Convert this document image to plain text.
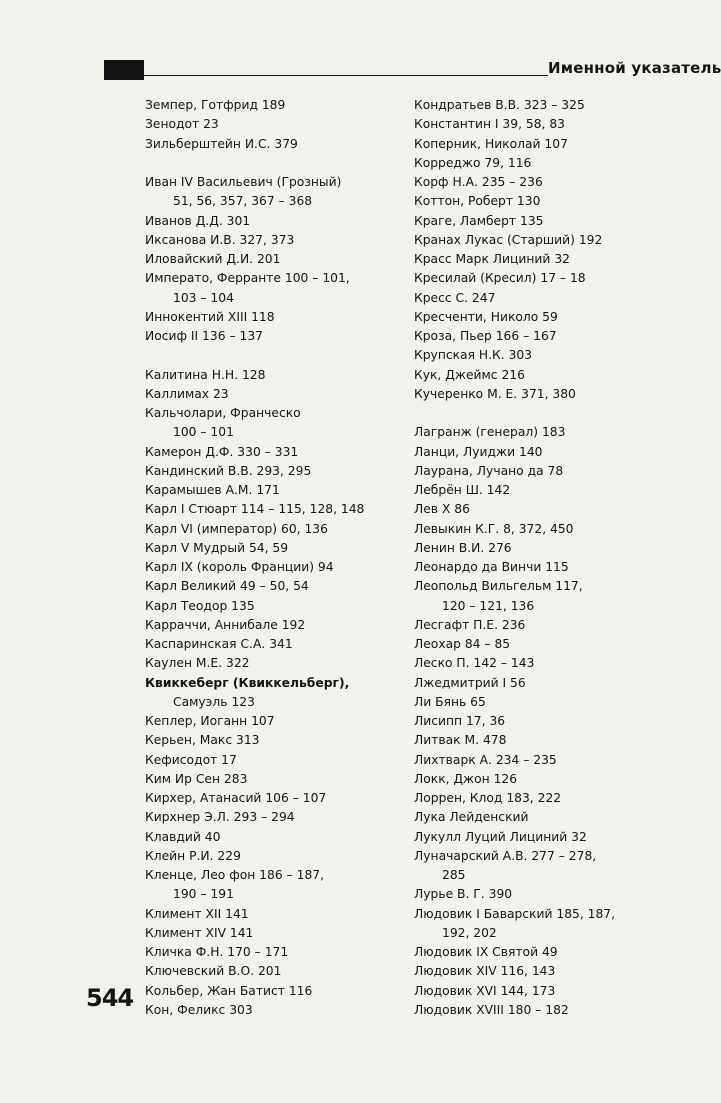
Именной указатель
Земпер, Готфрид 189
Зенодот 23
Зильберштейн И.С. 379
Иван IV Васильевич (Грозный)
51, 56, 357, 367 – 368
Иванов Д.Д. 301
Иксанова И.В. 327, 373
Иловайский Д.И. 201
Императо, Ферранте 100 – 101,
103 – 104
Иннокентий XIII 118
Иосиф II 136 – 137
Калитина Н.Н. 128
Каллимах 23
Кальчолари, Франческо
100 – 101
Камерон Д.Ф. 330 – 331
Кандинский В.В. 293, 295
Карамышев А.М. 171
Карл I Стюарт 114 – 115, 128, 148
Карл VI (император) 60, 136
Карл V Мудрый 54, 59
Карл IX (король Франции) 94
Карл Великий 49 – 50, 54
Карл Теодор 135
Карраччи, Аннибале 192
Каспаринская С.А. 341
Каулен М.Е. 322
Квиккеберг (Квиккельберг),
Самуэль 123
Кеплер, Иоганн 107
Керьен, Макс 313
Кефисодот 17
Ким Ир Сен 283
Кирхер, Атанасий 106 – 107
Кирхнер Э.Л. 293 – 294
Клавдий 40
Клейн Р.И. 229
Кленце, Лео фон 186 – 187,
190 – 191
Климент XII 141
Климент XIV 141
Кличка Ф.Н. 170 – 171
Ключевский В.О. 201
Кольбер, Жан Батист 116
Кон, Феликс 303
Кондратьев В.В. 323 – 325
Константин I 39, 58, 83
Коперник, Николай 107
Корреджо 79, 116
Корф Н.А. 235 – 236
Коттон, Роберт 130
Краге, Ламберт 135
Кранах Лукас (Старший) 192
Красс Марк Лициний 32
Кресилай (Кресил) 17 – 18
Кресс С. 247
Кресченти, Николо 59
Кроза, Пьер 166 – 167
Крупская Н.К. 303
Кук, Джеймс 216
Кучеренко М. Е. 371, 380
Лагранж (генерал) 183
Ланци, Луиджи 140
Лаурана, Лучано да 78
Лебрён Ш. 142
Лев X 86
Левыкин К.Г. 8, 372, 450
Ленин В.И. 276
Леонардо да Винчи 115
Леопольд Вильгельм 117,
120 – 121, 136
Лесгафт П.Е. 236
Леохар 84 – 85
Леско П. 142 – 143
Лжедмитрий I 56
Ли Бянь 65
Лисипп 17, 36
Литвак М. 478
Лихтварк А. 234 – 235
Локк, Джон 126
Лоррен, Клод 183, 222
Лука Лейденский
Лукулл Луций Лициний 32
Луначарский А.В. 277 – 278,
285
Лурье В. Г. 390
Людовик I Баварский 185, 187,
192, 202
Людовик IX Святой 49
Людовик XIV 116, 143
Людовик XVI 144, 173
Людовик XVIII 180 – 182
544
